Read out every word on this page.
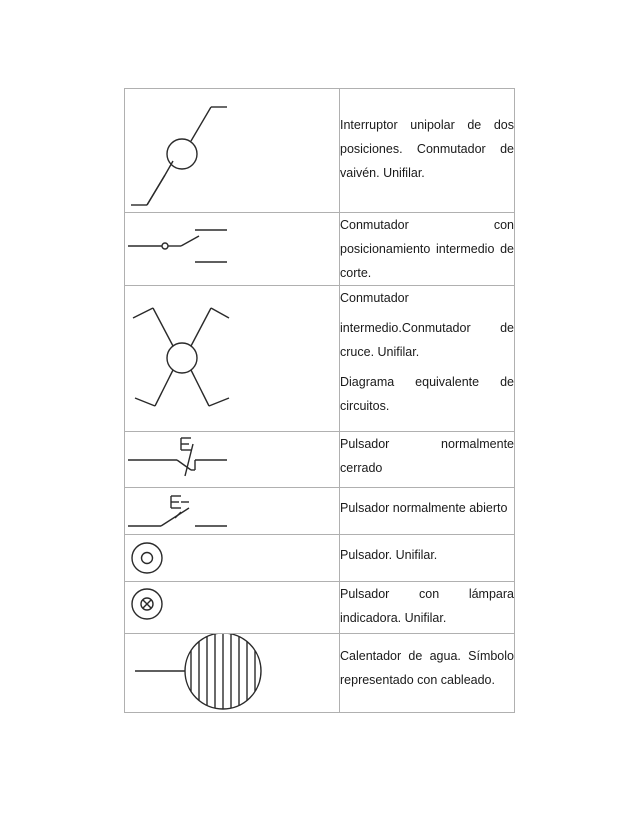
Interruptor unipolar de dos
posiciones. Conmutador de
vaivén. Unifilar.

Conmutador con
posicionamiento intermedio de
corte.

Conmutador
intermedio.Conmutador de
cruce. Unifilar.
Diagrama equivalente de
circuitos.

Pulsador normalmente
cerrado

Pulsador normalmente abierto

Pulsador. Unifilar.

Pulsador con lámpara
indicadora. Unifilar.

Calentador de agua. Símbolo
representado con cableado.
